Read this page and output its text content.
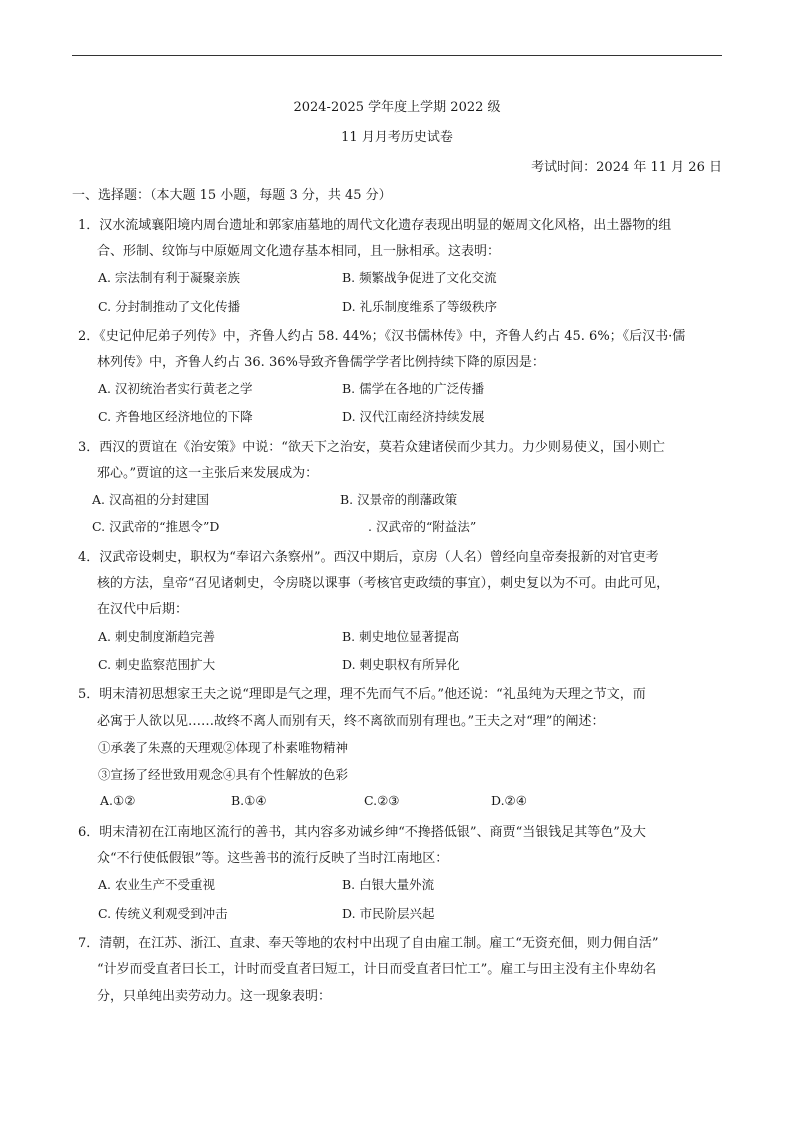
2024-2025 学年度上学期 2022 级
11 月月考历史试卷
考试时间：2024 年 11 月 26 日
一、选择题：（本大题 15 小题，每题 3 分，共 45 分）
1．汉水流域襄阳境内周台遗址和郭家庙墓地的周代文化遗存表现出明显的姬周文化风格，出土器物的组
合、形制、纹饰与中原姬周文化遗存基本相同，且一脉相承。这表明：
A. 宗法制有利于凝聚亲族	B. 频繁战争促进了文化交流
C. 分封制推动了文化传播	D. 礼乐制度维系了等级秩序
2．《史记仲尼弟子列传》中，齐鲁人约占 58. 44%；《汉书儒林传》中，齐鲁人约占 45. 6%；《后汉书·儒
林列传》中，齐鲁人约占 36. 36%导致齐鲁儒学学者比例持续下降的原因是：
A. 汉初统治者实行黄老之学	B. 儒学在各地的广泛传播
C. 齐鲁地区经济地位的下降	D. 汉代江南经济持续发展
3．西汉的贾谊在《治安策》中说：“欲天下之治安，莫若众建诸侯而少其力。力少则易使义，国小则亡
邪心。”贾谊的这一主张后来发展成为：
A. 汉高祖的分封建国	B. 汉景帝的削藩政策
C. 汉武帝的“推恩令”D	. 汉武帝的“附益法”
4．汉武帝设刺史，职权为“奉诏六条察州”。西汉中期后，京房（人名）曾经向皇帝奏报新的对官吏考
核的方法，皇帝“召见诸刺史，令房晓以课事（考核官吏政绩的事宜），刺史复以为不可。由此可见，
在汉代中后期：
A. 刺史制度渐趋完善	B. 刺史地位显著提高
C. 刺史监察范围扩大	D. 刺史职权有所异化
5．明末清初思想家王夫之说“理即是气之理，理不先而气不后。”他还说：“礼虽纯为天理之节文，而
必寓于人欲以见……故终不离人而别有天，终不离欲而别有理也。”王夫之对“理”的阐述：
①承袭了朱熹的天理观②体现了朴素唯物精神
③宣扬了经世致用观念④具有个性解放的色彩
A.①②	B.①④	C.②③	D.②④
6．明末清初在江南地区流行的善书，其内容多劝诫乡绅“不搀搭低银”、商贾“当银钱足其等色”及大
众“不行使低假银”等。这些善书的流行反映了当时江南地区：
A. 农业生产不受重视	B. 白银大量外流
C. 传统义利观受到冲击	D. 市民阶层兴起
7．清朝，在江苏、浙江、直隶、奉天等地的农村中出现了自由雇工制。雇工“无资充佃，则力佣自活”
“计岁而受直者曰长工，计时而受直者曰短工，计日而受直者曰忙工”。雇工与田主没有主仆卑幼名
分，只单纯出卖劳动力。这一现象表明：
